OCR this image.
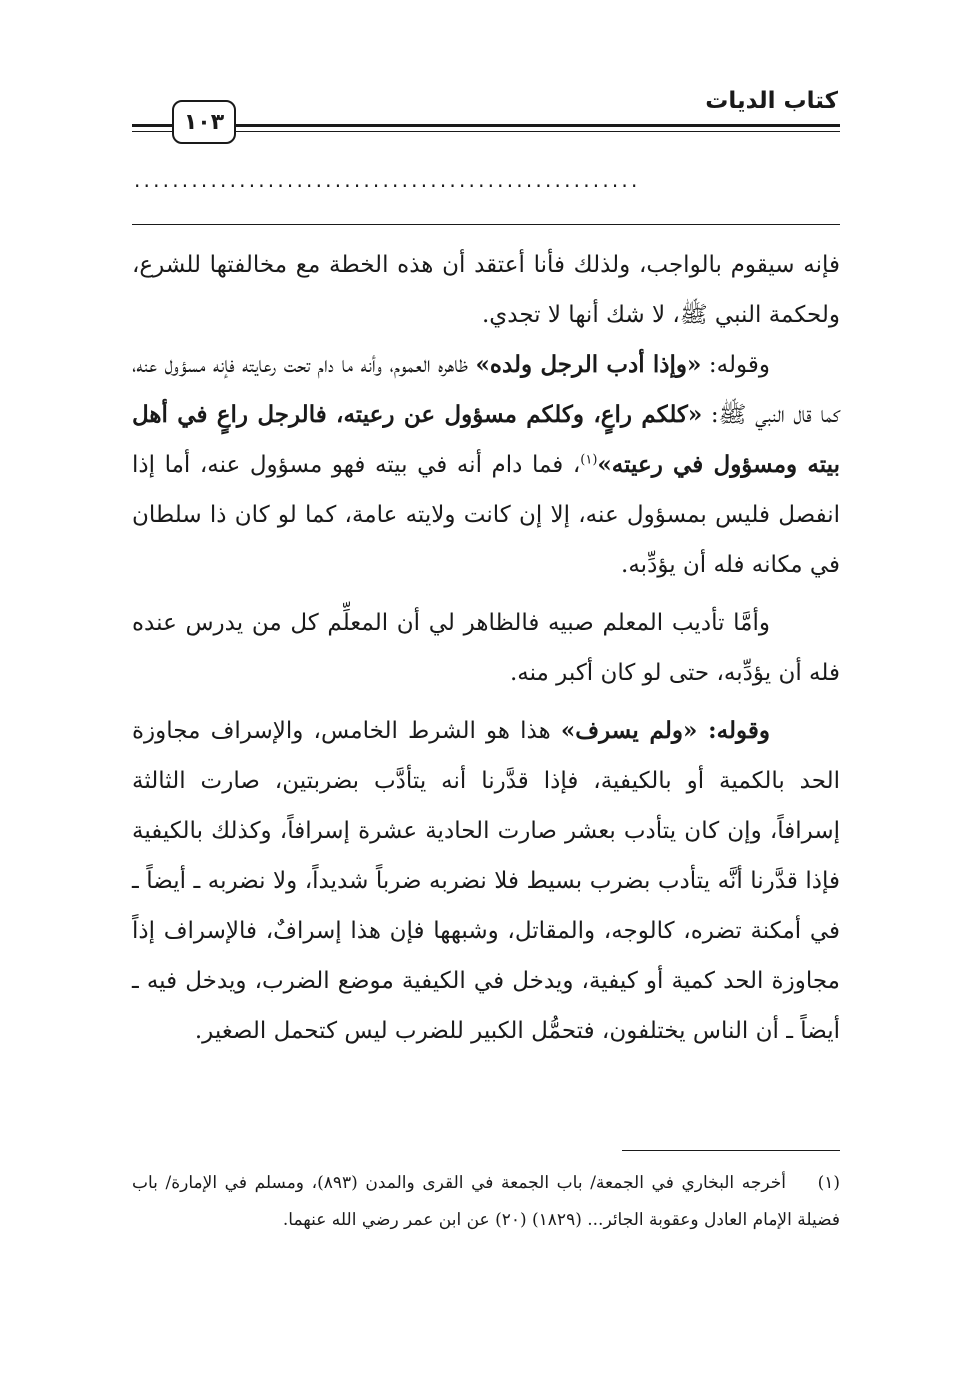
كتاب الديات
١٠٣
.....................................................

فإنه سيقوم بالواجب، ولذلك فأنا أعتقد أن هذه الخطة مع مخالفتها للشرع، ولحكمة النبي ﷺ، لا شك أنها لا تجدي.

وقوله: «وإذا أدب الرجل ولده» ظاهره العموم، وأنه ما دام تحت رعايته فإنه مسؤول عنه، كما قال النبي ﷺ: «كلكم راعٍ، وكلكم مسؤول عن رعيته، فالرجل راعٍ في أهل بيته ومسؤول في رعيته»$^{(١)}$، فما دام أنه في بيته فهو مسؤول عنه، أما إذا انفصل فليس بمسؤول عنه، إلا إن كانت ولايته عامة، كما لو كان ذا سلطان في مكانه فله أن يؤدِّبه.

وأمَّا تأديب المعلم صبيه فالظاهر لي أن المعلِّم كل من يدرس عنده فله أن يؤدِّبه، حتى لو كان أكبر منه.

وقوله: «ولم يسرف» هذا هو الشرط الخامس، والإسراف مجاوزة الحد بالكمية أو بالكيفية، فإذا قدَّرنا أنه يتأدَّب بضربتين، صارت الثالثة إسرافاً، وإن كان يتأدب بعشر صارت الحادية عشرة إسرافاً، وكذلك بالكيفية فإذا قدَّرنا أنَّه يتأدب بضرب بسيط فلا نضربه ضرباً شديداً، ولا نضربه ـ أيضاً ـ في أمكنة تضره، كالوجه، والمقاتل، وشبهها فإن هذا إسرافٌ، فالإسراف إذاً مجاوزة الحد كمية أو كيفية، ويدخل في الكيفية موضع الضرب، ويدخل فيه ـ أيضاً ـ أن الناس يختلفون، فتحمُّل الكبير للضرب ليس كتحمل الصغير.

(١)أخرجه البخاري في الجمعة/ باب الجمعة في القرى والمدن (٨٩٣)، ومسلم في الإمارة/ باب فضيلة الإمام العادل وعقوبة الجائر... (١٨٢٩) (٢٠) عن ابن عمر رضي الله عنهما.
